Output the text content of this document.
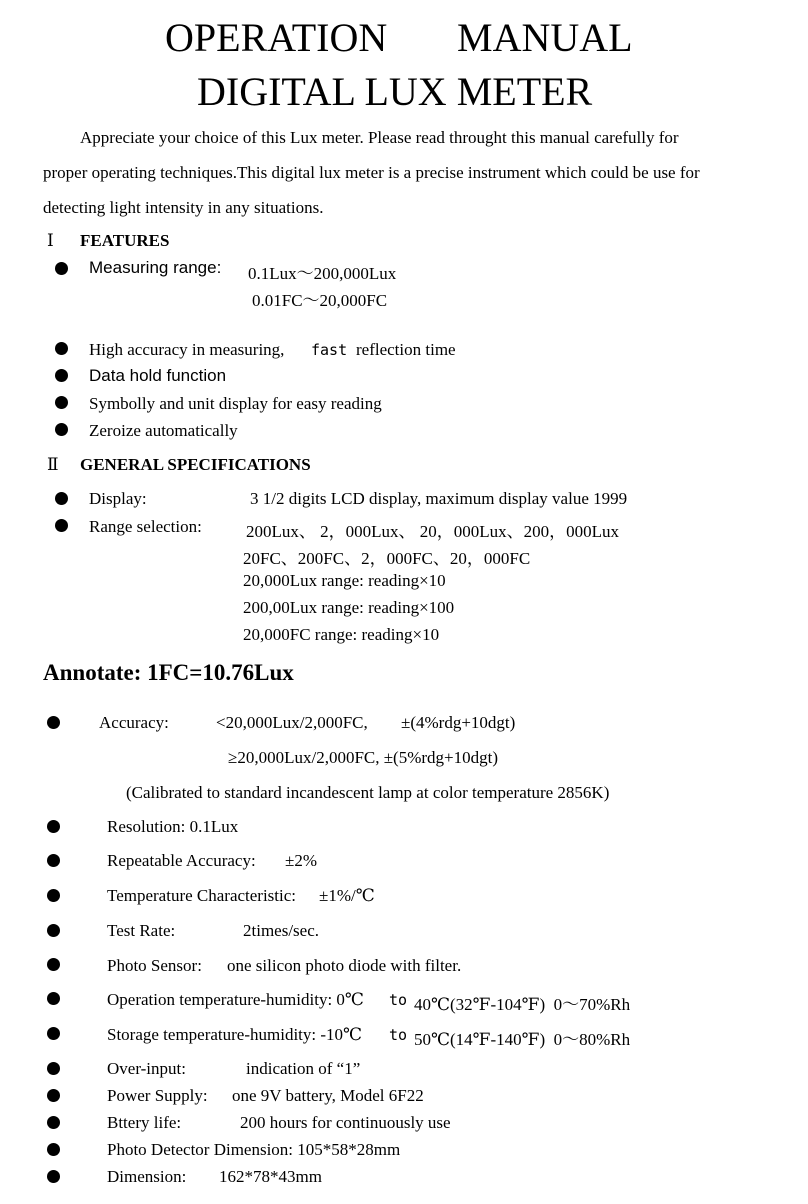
OPERATION MANUAL
DIGITAL LUX METER
Appreciate your choice of this Lux meter. Please read throught this manual carefully for
proper operating techniques.This digital lux meter is a precise instrument which could be use for
detecting light intensity in any situations.
Ⅰ FEATURES
Measuring range: 0.1Lux～200,000Lux
0.01FC～20,000FC
High accuracy in measuring, fast reflection time
Data hold function
Symbolly and unit display for easy reading
Zeroize automatically
Ⅱ GENERAL SPECIFICATIONS
Display:	3 1/2 digits LCD display, maximum display value 1999
Range selection:	200Lux、 2，000Lux、 20，000Lux、200，000Lux
20FC、200FC、2，000FC、20，000FC
20,000Lux range: reading×10
200,00Lux range: reading×100
20,000FC range: reading×10
Annotate: 1FC=10.76Lux
Accuracy:	<20,000Lux/2,000FC, ±(4%rdg+10dgt)
≥20,000Lux/2,000FC, ±(5%rdg+10dgt)
(Calibrated to standard incandescent lamp at color temperature 2856K)
Resolution: 0.1Lux
Repeatable Accuracy: ±2%
Temperature Characteristic: ±1%/℃
Test Rate:	2times/sec.
Photo Sensor: one silicon photo diode with filter.
Operation temperature-humidity: 0℃ to 40℃(32℉-104℉)  0～70%Rh
Storage temperature-humidity: -10℃ to 50℃(14℉-140℉)  0～80%Rh
Over-input:	indication of “1”
Power Supply: one 9V battery, Model 6F22
Bttery life:	200 hours for continuously use
Photo Detector Dimension: 105*58*28mm
Dimension: 162*78*43mm
